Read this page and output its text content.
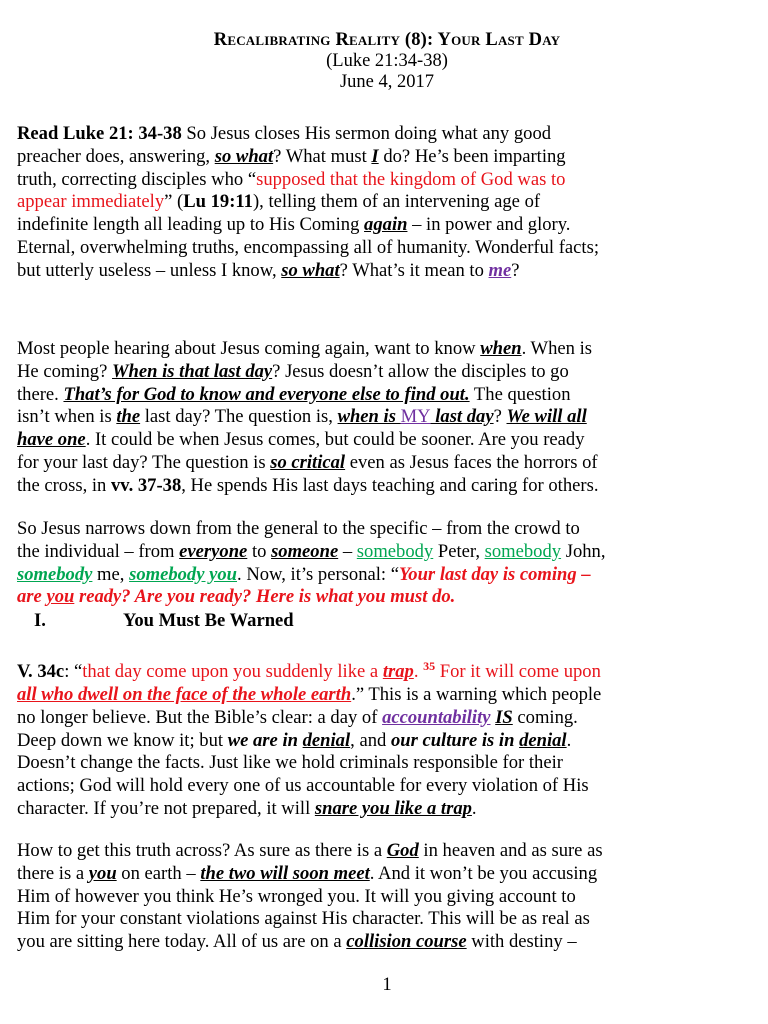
Recalibrating Reality (8): Your Last Day
(Luke 21:34-38)
June 4, 2017

Read Luke 21: 34-38 So Jesus closes His sermon doing what any good
preacher does, answering, so what? What must I do? He’s been imparting
truth, correcting disciples who “supposed that the kingdom of God was to
appear immediately” (Lu 19:11), telling them of an intervening age of
indefinite length all leading up to His Coming again – in power and glory.
Eternal, overwhelming truths, encompassing all of humanity. Wonderful facts;
but utterly useless – unless I know, so what? What’s it mean to me?

Most people hearing about Jesus coming again, want to know when. When is
He coming? When is that last day? Jesus doesn’t allow the disciples to go
there. That’s for God to know and everyone else to find out. The question
isn’t when is the last day? The question is, when is MY last day? We will all
have one. It could be when Jesus comes, but could be sooner. Are you ready
for your last day? The question is so critical even as Jesus faces the horrors of
the cross, in vv. 37-38, He spends His last days teaching and caring for others.

So Jesus narrows down from the general to the specific – from the crowd to
the individual – from everyone to someone – somebody Peter, somebody John,
somebody me, somebody you. Now, it’s personal: “Your last day is coming –
are you ready? Are you ready? Here is what you must do.

I.	You Must Be Warned

V. 34c: “that day come upon you suddenly like a trap. $^{35}$ For it will come upon
all who dwell on the face of the whole earth.” This is a warning which people
no longer believe. But the Bible’s clear: a day of accountability IS coming.
Deep down we know it; but we are in denial, and our culture is in denial.
Doesn’t change the facts. Just like we hold criminals responsible for their
actions; God will hold every one of us accountable for every violation of His
character. If you’re not prepared, it will snare you like a trap.

How to get this truth across? As sure as there is a God in heaven and as sure as
there is a you on earth – the two will soon meet. And it won’t be you accusing
Him of however you think He’s wronged you. It will you giving account to
Him for your constant violations against His character. This will be as real as
you are sitting here today. All of us are on a collision course with destiny –

1
